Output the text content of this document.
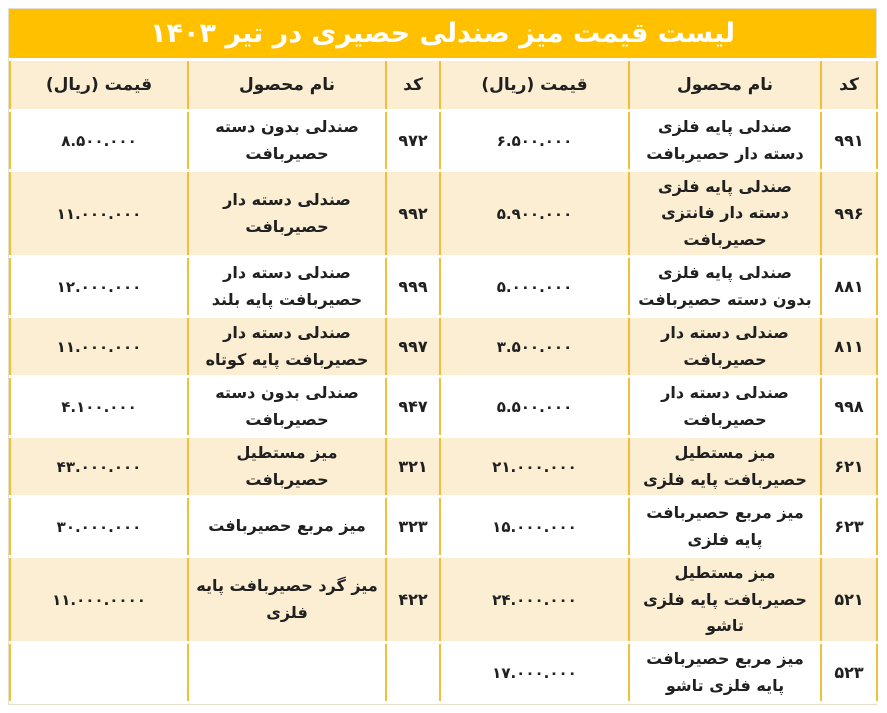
لیست قیمت میز صندلی حصیری در تیر ۱۴۰۳
کد	نام محصول	قیمت (ریال)	کد	نام محصول	قیمت (ریال)
۹۹۱	صندلی پایه فلزی دسته دار حصیربافت	۶.۵۰۰.۰۰۰	۹۷۲	صندلی بدون دسته حصیربافت	۸.۵۰۰.۰۰۰
۹۹۶	صندلی پایه فلزی دسته دار فانتزی حصیربافت	۵.۹۰۰.۰۰۰	۹۹۲	صندلی دسته دار حصیربافت	۱۱.۰۰۰.۰۰۰
۸۸۱	صندلی پایه فلزی بدون دسته حصیربافت	۵.۰۰۰.۰۰۰	۹۹۹	صندلی دسته دار حصیربافت پایه بلند	۱۲.۰۰۰.۰۰۰
۸۱۱	صندلی دسته دار حصیربافت	۳.۵۰۰.۰۰۰	۹۹۷	صندلی دسته دار حصیربافت پایه کوتاه	۱۱.۰۰۰.۰۰۰
۹۹۸	صندلی دسته دار حصیربافت	۵.۵۰۰.۰۰۰	۹۴۷	صندلی بدون دسته حصیربافت	۴.۱۰۰.۰۰۰
۶۲۱	میز مستطیل حصیربافت پایه فلزی	۲۱.۰۰۰.۰۰۰	۳۲۱	میز مستطیل حصیربافت	۴۳.۰۰۰.۰۰۰
۶۲۳	میز مربع حصیربافت پایه فلزی	۱۵.۰۰۰.۰۰۰	۳۲۳	میز مربع حصیربافت	۳۰.۰۰۰.۰۰۰
۵۲۱	میز مستطیل حصیربافت پایه فلزی تاشو	۲۴.۰۰۰.۰۰۰	۴۲۲	میز گرد حصیربافت پایه فلزی	۱۱.۰۰۰.۰۰۰۰
۵۲۳	میز مربع حصیربافت پایه فلزی تاشو	۱۷.۰۰۰.۰۰۰			
